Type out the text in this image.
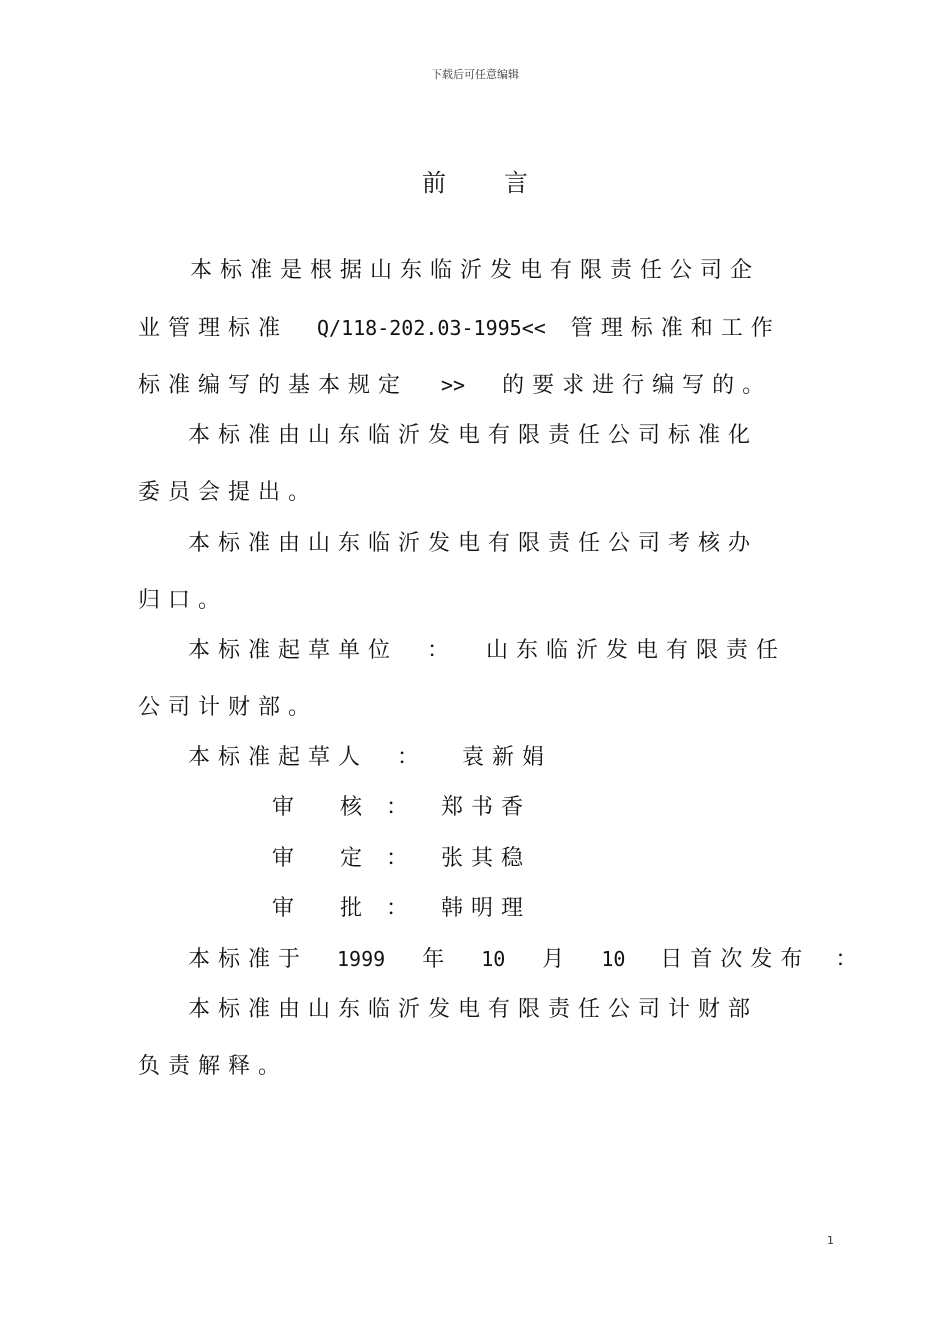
下载后可任意编辑
前言
本标准是根据山东临沂发电有限责任公司企
业管理标准 Q/118-202.03-1995<< 管理标准和工作
标准编写的基本规定 >> 的要求进行编写的。
本标准由山东临沂发电有限责任公司标准化
委员会提出。
本标准由山东临沂发电有限责任公司考核办
归口。
本标准起草单位 ： 山东临沂发电有限责任
公司计财部。
本标准起草人 ： 袁新娟
审 核 ： 郑书香
审 定 ： 张其稳
审 批 ： 韩明理
本标准于 1999 年 10 月 10 日首次发布 ：
本标准由山东临沂发电有限责任公司计财部
负责解释。
1
